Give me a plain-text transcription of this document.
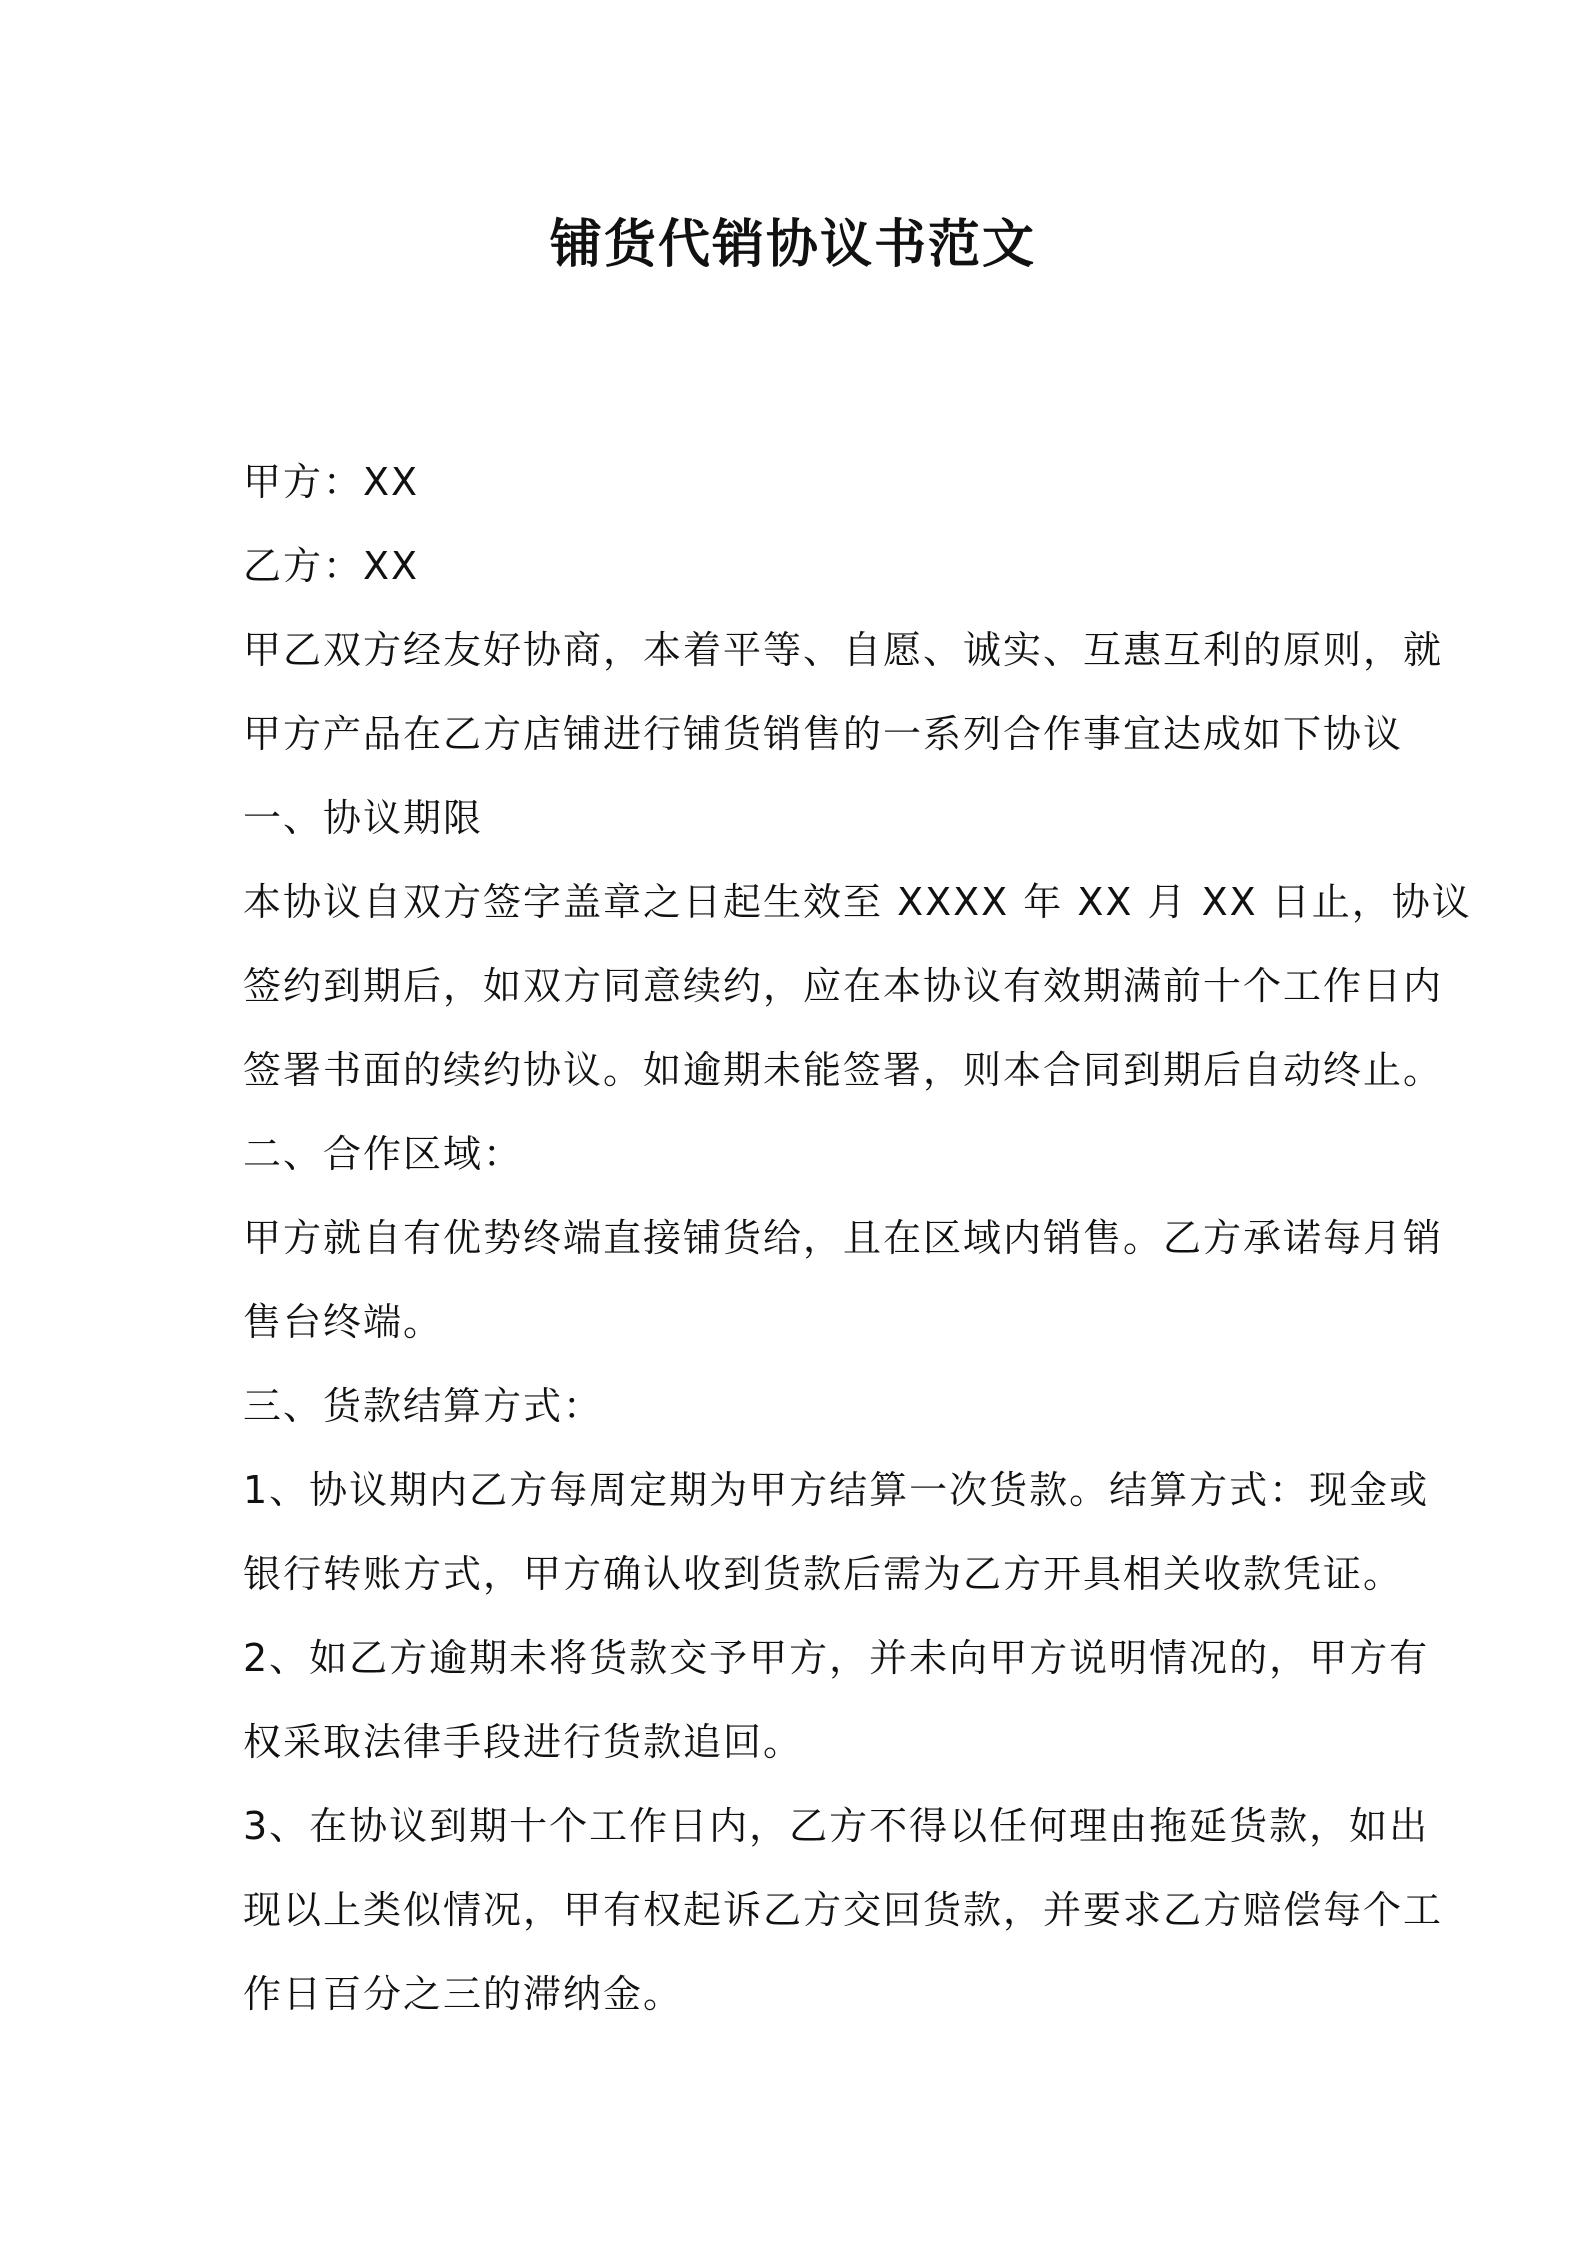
铺货代销协议书范文
甲方：XX
乙方：XX
甲乙双方经友好协商，本着平等、自愿、诚实、互惠互利的原则，就
甲方产品在乙方店铺进行铺货销售的一系列合作事宜达成如下协议
一、协议期限
本协议自双方签字盖章之日起生效至 XXXX 年 XX 月 XX 日止，协议
签约到期后，如双方同意续约，应在本协议有效期满前十个工作日内
签署书面的续约协议。如逾期未能签署，则本合同到期后自动终止。
二、合作区域：
甲方就自有优势终端直接铺货给，且在区域内销售。乙方承诺每月销
售台终端。
三、货款结算方式：
1、协议期内乙方每周定期为甲方结算一次货款。结算方式：现金或
银行转账方式，甲方确认收到货款后需为乙方开具相关收款凭证。
2、如乙方逾期未将货款交予甲方，并未向甲方说明情况的，甲方有
权采取法律手段进行货款追回。
3、在协议到期十个工作日内，乙方不得以任何理由拖延货款，如出
现以上类似情况，甲有权起诉乙方交回货款，并要求乙方赔偿每个工
作日百分之三的滞纳金。
